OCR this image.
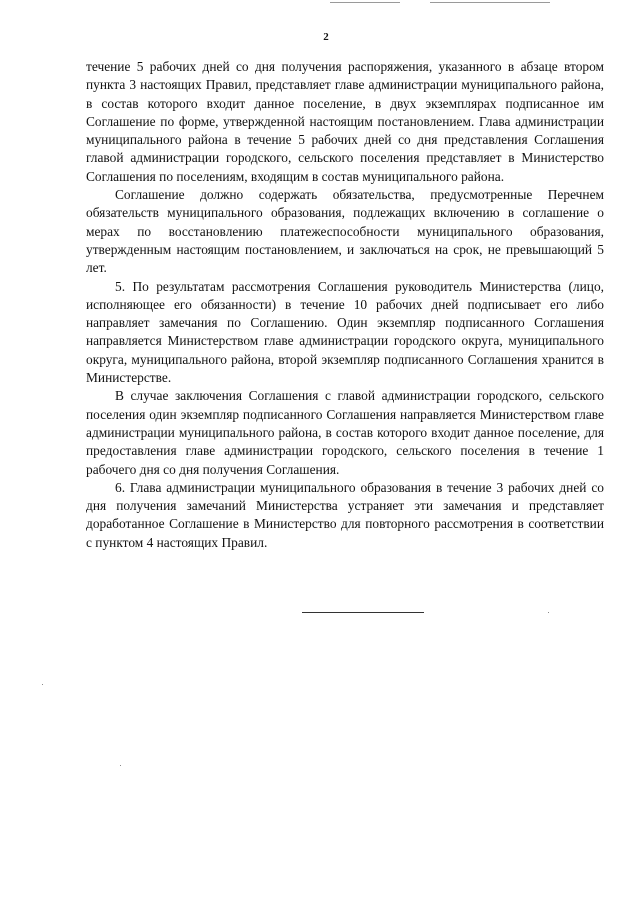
2

течение 5 рабочих дней со дня получения распоряжения, указанного в абзаце втором пункта 3 настоящих Правил, представляет главе администрации муниципального района, в состав которого входит данное поселение, в двух экземплярах подписанное им Соглашение по форме, утвержденной настоящим постановлением. Глава администрации муниципального района в течение 5 рабочих дней со дня представления Соглашения главой администрации городского, сельского поселения представляет в Министерство Соглашения по поселениям, входящим в состав муниципального района.

Соглашение должно содержать обязательства, предусмотренные Перечнем обязательств муниципального образования, подлежащих включению в соглашение о мерах по восстановлению платежеспособности муниципального образования, утвержденным настоящим постановлением, и заключаться на срок, не превышающий 5 лет.

5. По результатам рассмотрения Соглашения руководитель Министерства (лицо, исполняющее его обязанности) в течение 10 рабочих дней подписывает его либо направляет замечания по Соглашению. Один экземпляр подписанного Соглашения направляется Министерством главе администрации городского округа, муниципального округа, муниципального района, второй экземпляр подписанного Соглашения хранится в Министерстве.

В случае заключения Соглашения с главой администрации городского, сельского поселения один экземпляр подписанного Соглашения направляется Министерством главе администрации муниципального района, в состав которого входит данное поселение, для предоставления главе администрации городского, сельского поселения в течение 1 рабочего дня со дня получения Соглашения.

6. Глава администрации муниципального образования в течение 3 рабочих дней со дня получения замечаний Министерства устраняет эти замечания и представляет доработанное Соглашение в Министерство для повторного рассмотрения в соответствии с пунктом 4 настоящих Правил.
